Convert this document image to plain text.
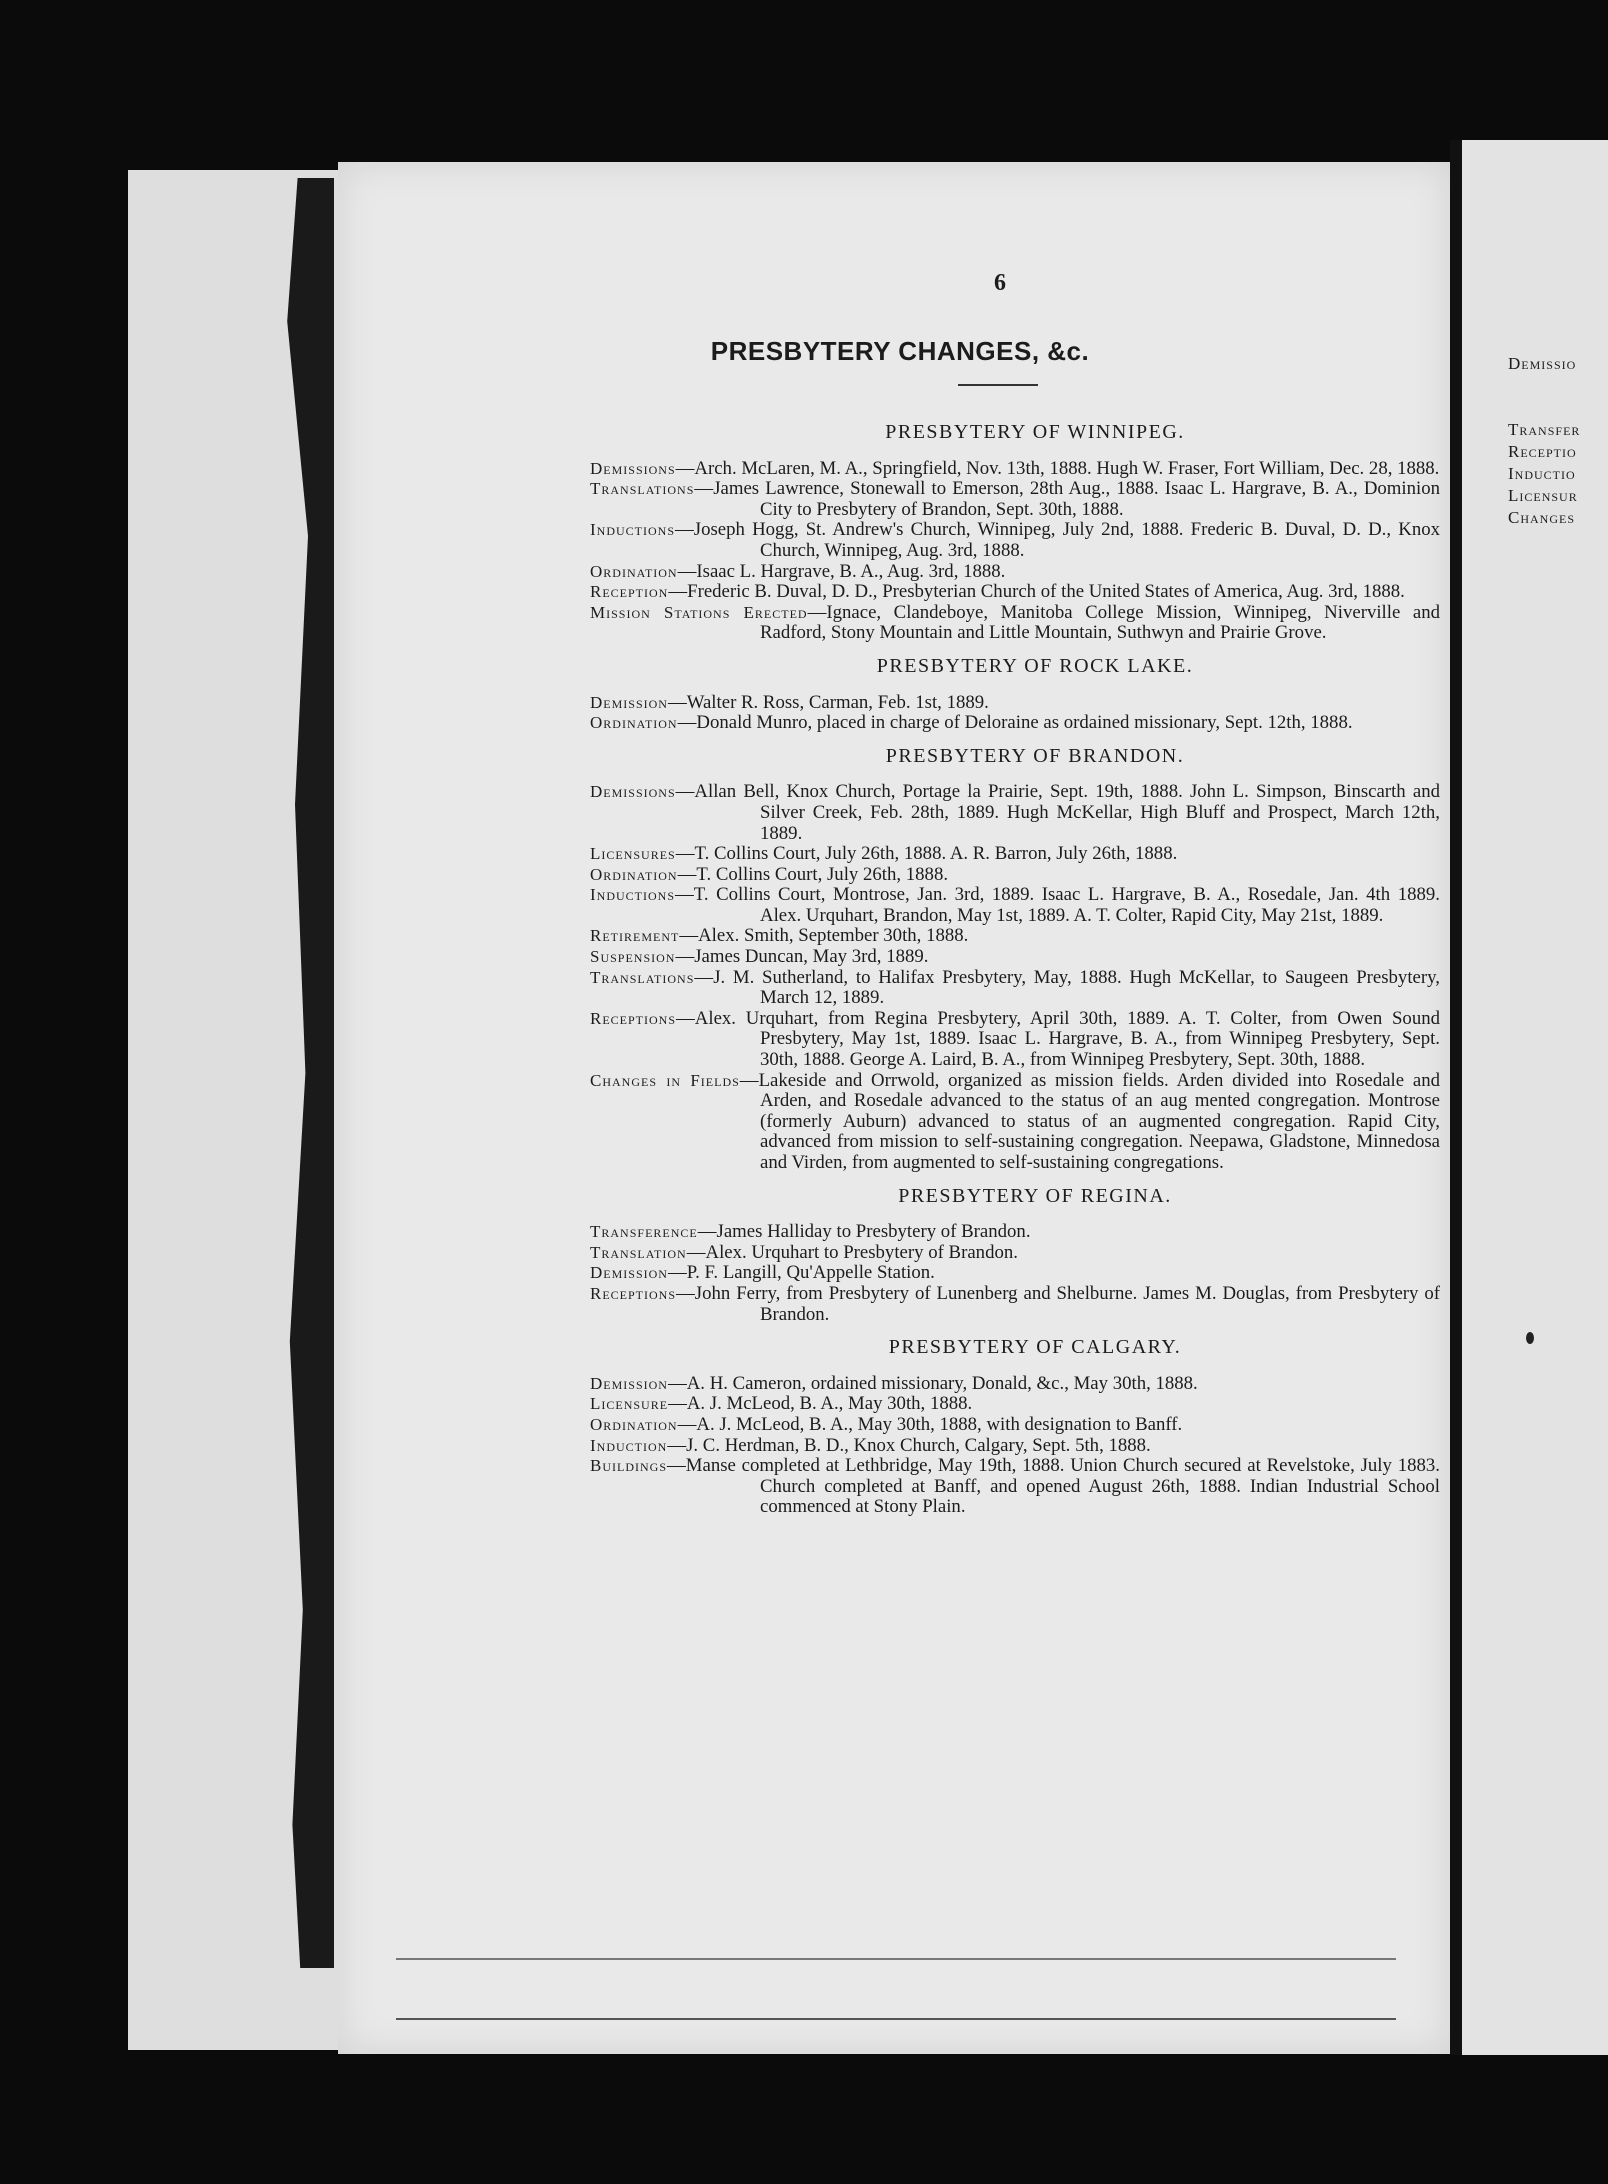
Demissio
Transfer
Receptio
Inductio
Licensur
Changes
6
PRESBYTERY CHANGES, &c.
PRESBYTERY OF WINNIPEG.

Demissions—Arch. McLaren, M. A., Springfield, Nov. 13th, 1888. Hugh W. Fraser, Fort William, Dec. 28, 1888.

Translations—James Lawrence, Stonewall to Emerson, 28th Aug., 1888. Isaac L. Hargrave, B. A., Dominion City to Presbytery of Brandon, Sept. 30th, 1888.

Inductions—Joseph Hogg, St. Andrew's Church, Winnipeg, July 2nd, 1888. Frederic B. Duval, D. D., Knox Church, Winnipeg, Aug. 3rd, 1888.

Ordination—Isaac L. Hargrave, B. A., Aug. 3rd, 1888.

Reception—Frederic B. Duval, D. D., Presbyterian Church of the United States of America, Aug. 3rd, 1888.

Mission Stations Erected—Ignace, Clandeboye, Manitoba College Mission, Winnipeg, Niverville and Radford, Stony Mountain and Little Mountain, Suthwyn and Prairie Grove.

PRESBYTERY OF ROCK LAKE.

Demission—Walter R. Ross, Carman, Feb. 1st, 1889.

Ordination—Donald Munro, placed in charge of Deloraine as ordained missionary, Sept. 12th, 1888.

PRESBYTERY OF BRANDON.

Demissions—Allan Bell, Knox Church, Portage la Prairie, Sept. 19th, 1888. John L. Simpson, Binscarth and Silver Creek, Feb. 28th, 1889. Hugh McKellar, High Bluff and Prospect, March 12th, 1889.

Licensures—T. Collins Court, July 26th, 1888. A. R. Barron, July 26th, 1888.

Ordination—T. Collins Court, July 26th, 1888.

Inductions—T. Collins Court, Montrose, Jan. 3rd, 1889. Isaac L. Hargrave, B. A., Rosedale, Jan. 4th 1889. Alex. Urquhart, Brandon, May 1st, 1889. A. T. Colter, Rapid City, May 21st, 1889.

Retirement—Alex. Smith, September 30th, 1888.

Suspension—James Duncan, May 3rd, 1889.

Translations—J. M. Sutherland, to Halifax Presbytery, May, 1888. Hugh McKellar, to Saugeen Presbytery, March 12, 1889.

Receptions—Alex. Urquhart, from Regina Presbytery, April 30th, 1889. A. T. Colter, from Owen Sound Presbytery, May 1st, 1889. Isaac L. Hargrave, B. A., from Winnipeg Presbytery, Sept. 30th, 1888. George A. Laird, B. A., from Winnipeg Presbytery, Sept. 30th, 1888.

Changes in Fields—Lakeside and Orrwold, organized as mission fields. Arden divided into Rosedale and Arden, and Rosedale advanced to the status of an aug mented congregation. Montrose (formerly Auburn) advanced to status of an augmented congregation. Rapid City, advanced from mission to self-sustaining congregation. Neepawa, Gladstone, Minnedosa and Virden, from augmented to self-sustaining congregations.

PRESBYTERY OF REGINA.

Transference—James Halliday to Presbytery of Brandon.

Translation—Alex. Urquhart to Presbytery of Brandon.

Demission—P. F. Langill, Qu'Appelle Station.

Receptions—John Ferry, from Presbytery of Lunenberg and Shelburne. James M. Douglas, from Presbytery of Brandon.

PRESBYTERY OF CALGARY.

Demission—A. H. Cameron, ordained missionary, Donald, &c., May 30th, 1888.

Licensure—A. J. McLeod, B. A., May 30th, 1888.

Ordination—A. J. McLeod, B. A., May 30th, 1888, with designation to Banff.

Induction—J. C. Herdman, B. D., Knox Church, Calgary, Sept. 5th, 1888.

Buildings—Manse completed at Lethbridge, May 19th, 1888. Union Church secured at Revelstoke, July 1883. Church completed at Banff, and opened August 26th, 1888. Indian Industrial School commenced at Stony Plain.
